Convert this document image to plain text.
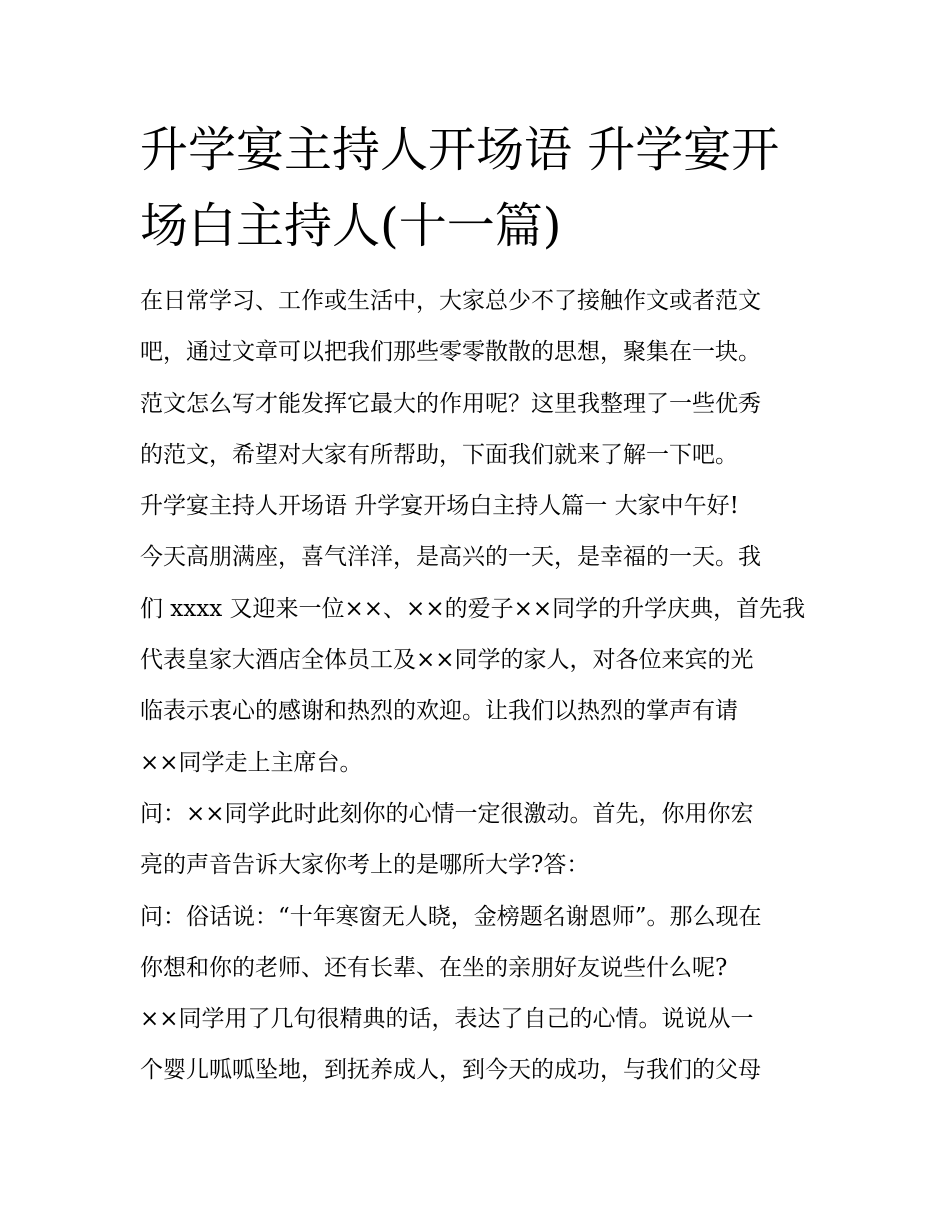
升学宴主持人开场语 升学宴开
场白主持人(十一篇)
在日常学习、工作或生活中，大家总少不了接触作文或者范文
吧，通过文章可以把我们那些零零散散的思想，聚集在一块。
范文怎么写才能发挥它最大的作用呢？这里我整理了一些优秀
的范文，希望对大家有所帮助，下面我们就来了解一下吧。
升学宴主持人开场语 升学宴开场白主持人篇一 大家中午好!
今天高朋满座，喜气洋洋，是高兴的一天，是幸福的一天。我
们 xxxx 又迎来一位××、××的爱子××同学的升学庆典，首先我
代表皇家大酒店全体员工及××同学的家人，对各位来宾的光
临表示衷心的感谢和热烈的欢迎。让我们以热烈的掌声有请
××同学走上主席台。
问：××同学此时此刻你的心情一定很激动。首先，你用你宏
亮的声音告诉大家你考上的是哪所大学?答：
问：俗话说：“十年寒窗无人晓，金榜题名谢恩师”。那么现在
你想和你的老师、还有长辈、在坐的亲朋好友说些什么呢?
××同学用了几句很精典的话，表达了自己的心情。说说从一
个婴儿呱呱坠地，到抚养成人，到今天的成功，与我们的父母
